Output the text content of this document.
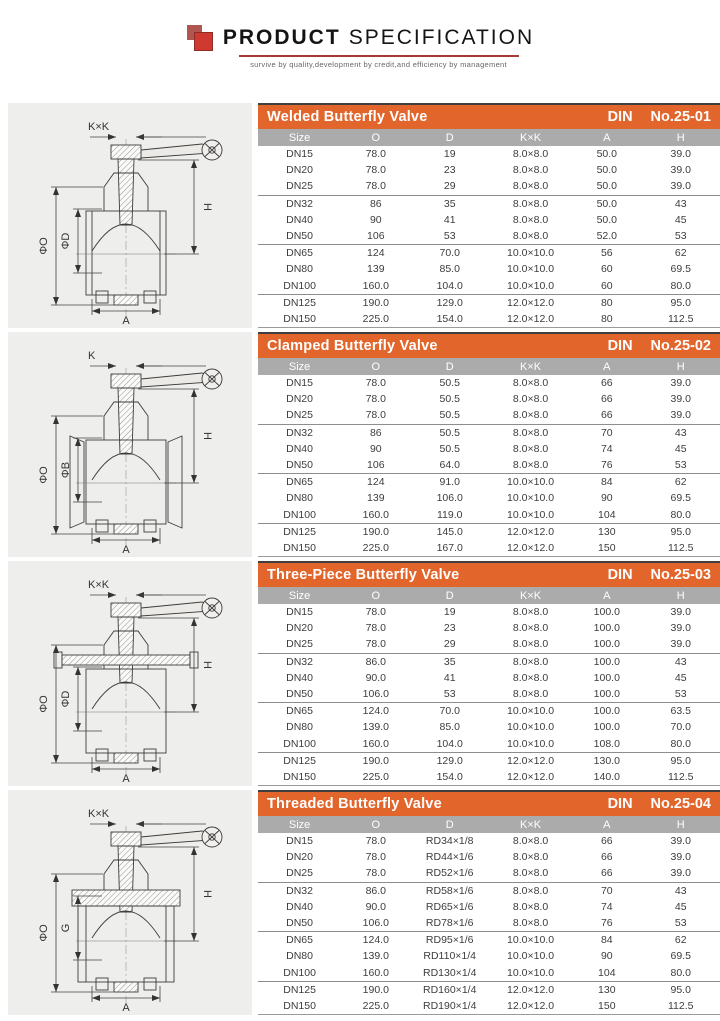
PRODUCT SPECIFICATION
survive by quality,development by credit,and efficiency by management
K×K
H
ΦO ΦD
A
Welded Butterfly Valve	DIN No.25-01
Size	O	D	K×K	A	H
DN15	78.0	19	8.0×8.0	50.0	39.0
DN20	78.0	23	8.0×8.0	50.0	39.0
DN25	78.0	29	8.0×8.0	50.0	39.0
DN32	86	35	8.0×8.0	50.0	43
DN40	90	41	8.0×8.0	50.0	45
DN50	106	53	8.0×8.0	52.0	53
DN65	124	70.0	10.0×10.0	56	62
DN80	139	85.0	10.0×10.0	60	69.5
DN100	160.0	104.0	10.0×10.0	60	80.0
DN125	190.0	129.0	12.0×12.0	80	95.0
DN150	225.0	154.0	12.0×12.0	80	112.5
K
H
ΦO ΦB
A
Clamped Butterfly Valve	DIN No.25-02
Size	O	D	K×K	A	H
DN15	78.0	50.5	8.0×8.0	66	39.0
DN20	78.0	50.5	8.0×8.0	66	39.0
DN25	78.0	50.5	8.0×8.0	66	39.0
DN32	86	50.5	8.0×8.0	70	43
DN40	90	50.5	8.0×8.0	74	45
DN50	106	64.0	8.0×8.0	76	53
DN65	124	91.0	10.0×10.0	84	62
DN80	139	106.0	10.0×10.0	90	69.5
DN100	160.0	119.0	10.0×10.0	104	80.0
DN125	190.0	145.0	12.0×12.0	130	95.0
DN150	225.0	167.0	12.0×12.0	150	112.5
K×K
H
ΦO ΦD
A
Three-Piece Butterfly Valve	DIN No.25-03
Size	O	D	K×K	A	H
DN15	78.0	19	8.0×8.0	100.0	39.0
DN20	78.0	23	8.0×8.0	100.0	39.0
DN25	78.0	29	8.0×8.0	100.0	39.0
DN32	86.0	35	8.0×8.0	100.0	43
DN40	90.0	41	8.0×8.0	100.0	45
DN50	106.0	53	8.0×8.0	100.0	53
DN65	124.0	70.0	10.0×10.0	100.0	63.5
DN80	139.0	85.0	10.0×10.0	100.0	70.0
DN100	160.0	104.0	10.0×10.0	108.0	80.0
DN125	190.0	129.0	12.0×12.0	130.0	95.0
DN150	225.0	154.0	12.0×12.0	140.0	112.5
K×K
H
ΦO G
A
Threaded Butterfly Valve	DIN No.25-04
Size	O	D	K×K	A	H
DN15	78.0	RD34×1/8	8.0×8.0	66	39.0
DN20	78.0	RD44×1/6	8.0×8.0	66	39.0
DN25	78.0	RD52×1/6	8.0×8.0	66	39.0
DN32	86.0	RD58×1/6	8.0×8.0	70	43
DN40	90.0	RD65×1/6	8.0×8.0	74	45
DN50	106.0	RD78×1/6	8.0×8.0	76	53
DN65	124.0	RD95×1/6	10.0×10.0	84	62
DN80	139.0	RD110×1/4	10.0×10.0	90	69.5
DN100	160.0	RD130×1/4	10.0×10.0	104	80.0
DN125	190.0	RD160×1/4	12.0×12.0	130	95.0
DN150	225.0	RD190×1/4	12.0×12.0	150	112.5
